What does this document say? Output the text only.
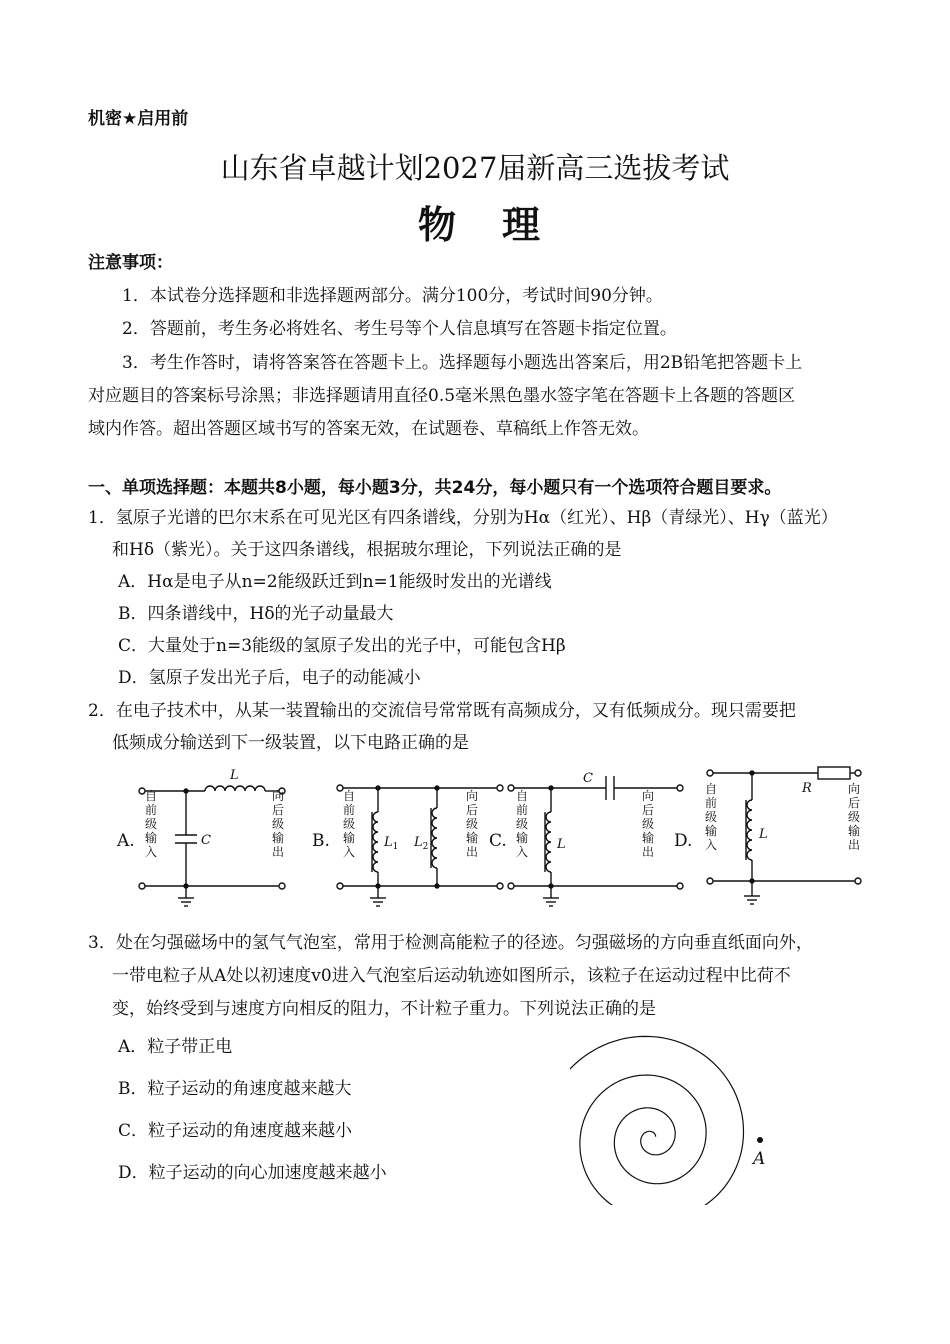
机密★启用前
山东省卓越计划2027届新高三选拔考试
物理
注意事项：
1．本试卷分选择题和非选择题两部分。满分100分，考试时间90分钟。
2．答题前，考生务必将姓名、考生号等个人信息填写在答题卡指定位置。
3．考生作答时，请将答案答在答题卡上。选择题每小题选出答案后，用2B铅笔把答题卡上
对应题目的答案标号涂黑；非选择题请用直径0.5毫米黑色墨水签字笔在答题卡上各题的答题区
域内作答。超出答题区域书写的答案无效，在试题卷、草稿纸上作答无效。
一、单项选择题：本题共8小题，每小题3分，共24分，每小题只有一个选项符合题目要求。
1．氢原子光谱的巴尔末系在可见光区有四条谱线，分别为Hα（红光）、Hβ（青绿光）、Hγ（蓝光）
和Hδ（紫光）。关于这四条谱线，根据玻尔理论，下列说法正确的是
A．Hα是电子从n=2能级跃迁到n=1能级时发出的光谱线
B．四条谱线中，Hδ的光子动量最大
C．大量处于n=3能级的氢原子发出的光子中，可能包含Hβ
D．氢原子发出光子后，电子的动能减小
2．在电子技术中，从某一装置输出的交流信号常常既有高频成分，又有低频成分。现只需要把
低频成分输送到下一级装置，以下电路正确的是
A.	B.	C.	D.
L
C	$L_1$ $L_2$
C
L
R
L
自前级输入
向后级输出
自前级输入
向后级输出
自前级输入
向后级输出
自前级输入
向后级输出
3．处在匀强磁场中的氢气气泡室，常用于检测高能粒子的径迹。匀强磁场的方向垂直纸面向外，
一带电粒子从A处以初速度v0进入气泡室后运动轨迹如图所示，该粒子在运动过程中比荷不
变，始终受到与速度方向相反的阻力，不计粒子重力。下列说法正确的是
A．粒子带正电
B．粒子运动的角速度越来越大
C．粒子运动的角速度越来越小
D．粒子运动的向心加速度越来越小
A
